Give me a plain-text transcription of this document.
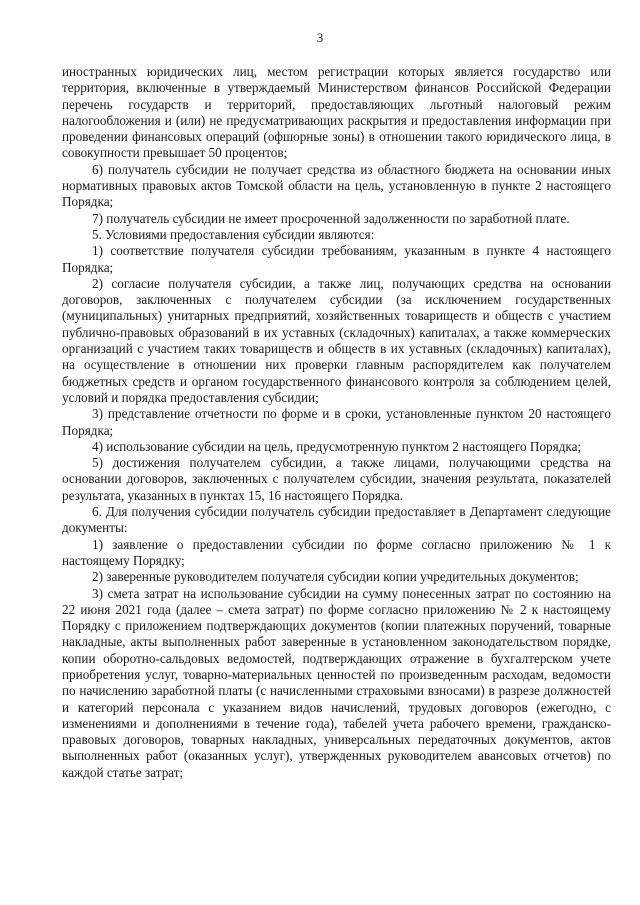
3

иностранных юридических лиц, местом регистрации которых является государство или территория, включенные в утверждаемый Министерством финансов Российской Федерации перечень государств и территорий, предоставляющих льготный налоговый режим налогообложения и (или) не предусматривающих раскрытия и предоставления информации при проведении финансовых операций (офшорные зоны) в отношении такого юридического лица, в совокупности превышает 50 процентов;

6) получатель субсидии не получает средства из областного бюджета на основании иных нормативных правовых актов Томской области на цель, установленную в пункте 2 настоящего Порядка;

7) получатель субсидии не имеет просроченной задолженности по заработной плате.

5. Условиями предоставления субсидии являются:

1) соответствие получателя субсидии требованиям, указанным в пункте 4 настоящего Порядка;

2) согласие получателя субсидии, а также лиц, получающих средства на основании договоров, заключенных с получателем субсидии (за исключением государственных (муниципальных) унитарных предприятий, хозяйственных товариществ и обществ с участием публично-правовых образований в их уставных (складочных) капиталах, а также коммерческих организаций с участием таких товариществ и обществ в их уставных (складочных) капиталах), на осуществление в отношении них проверки главным распорядителем как получателем бюджетных средств и органом государственного финансового контроля за соблюдением целей, условий и порядка предоставления субсидии;

3) представление отчетности по форме и в сроки, установленные пунктом 20 настоящего Порядка;

4) использование субсидии на цель, предусмотренную пунктом 2 настоящего Порядка;

5) достижения получателем субсидии, а также лицами, получающими средства на основании договоров, заключенных с получателем субсидии, значения результата, показателей результата, указанных в пунктах 15, 16 настоящего Порядка.

6. Для получения субсидии получатель субсидии предоставляет в Департамент следующие документы:

1) заявление о предоставлении субсидии по форме согласно приложению № 1 к настоящему Порядку;

2) заверенные руководителем получателя субсидии копии учредительных документов;

3) смета затрат на использование субсидии на сумму понесенных затрат по состоянию на 22 июня 2021 года (далее – смета затрат) по форме согласно приложению № 2 к настоящему Порядку с приложением подтверждающих документов (копии платежных поручений, товарные накладные, акты выполненных работ заверенные в установленном законодательством порядке, копии оборотно-сальдовых ведомостей, подтверждающих отражение в бухгалтерском учете приобретения услуг, товарно-материальных ценностей по произведенным расходам, ведомости по начислению заработной платы (с начисленными страховыми взносами) в разрезе должностей и категорий персонала с указанием видов начислений, трудовых договоров (ежегодно, с изменениями и дополнениями в течение года), табелей учета рабочего времени, гражданско-правовых договоров, товарных накладных, универсальных передаточных документов, актов выполненных работ (оказанных услуг), утвержденных руководителем авансовых отчетов) по каждой статье затрат;
